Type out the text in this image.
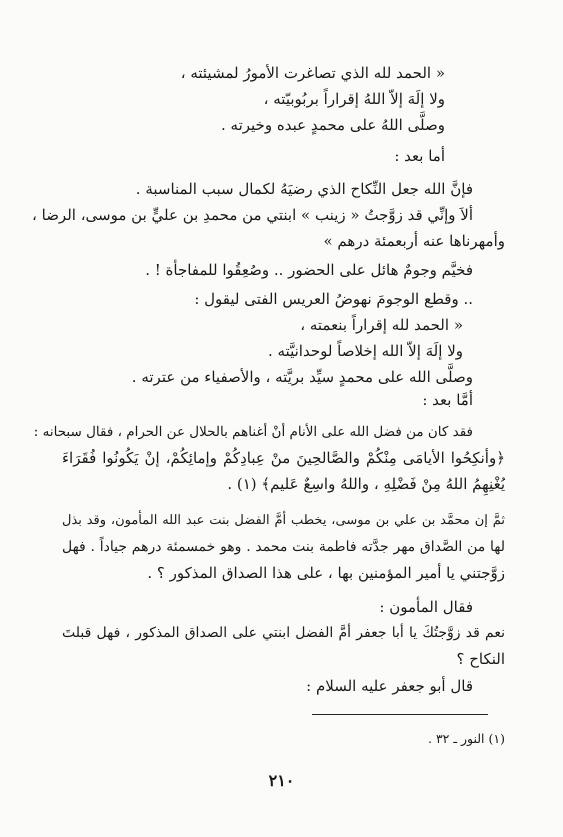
« الحمد لله الذي تصاغرت الأمورُ لمشيئته ،
ولا إلَهَ إلاّ اللهُ إقراراً بربُوبيّته ،
وصلَّى اللهُ على محمدٍ عبده وخيرته .
أما بعد :
فإنَّ الله جعل النِّكاح الذي رضيَهُ لكمال سبب المناسبة .
ألاَ وإنِّي قد زوَّجتُ « زينب » ابنتي من محمدِ بن عليٍّ بن موسى، الرضا ،
وأمهرناها عنه أربعمئة درهم »
فخيَّم وجومٌ هائل على الحضور .. وصُعِقُوا للمفاجأة ! .
.. وقطع الوجومَ نهوضُ العريس الفتى ليقول :
« الحمد لله إقراراً بنعمته ،
ولا إلَهَ إلاّ الله إخلاصاً لوحدانيَّته .
وصلَّى الله على محمدٍ سيِّد بريَّته ، والأصفياء من عترته .
أمَّا بعد :
فقد كان من فضل الله على الأنام أنْ أغناهم بالحلال عن الحرام ، فقال سبحانه :
﴿وأنكِحُوا الأيامَى مِنْكُمْ والصَّالحِينَ منْ عِبادِكُمْ وإمائِكُمْ، إنْ يَكُونُوا فُقَرَاءَ
يُغْنِهِمُ اللهُ مِنْ فَضْلِهِ ، واللهُ واسِعٌ عَليم﴾ (١) .
ثمَّ إن محمَّد بن علي بن موسى، يخطب أمَّ الفضل بنت عبد الله المأمون، وقد بذل
لها من الصَّداق مهر جدَّته فاطمة بنت محمد . وهو خمسمئة درهم جياداً . فهل
زوَّجتني يا أمير المؤمنين بها ، على هذا الصداق المذكور ؟ .
فقال المأمون :
نعم قد زوَّجتُكَ يا أبا جعفر أمَّ الفضل ابنتي على الصداق المذكور ، فهل قبلتَ
النكاح ؟
قال أبو جعفر عليه السلام :
(١) النور ـ ٣٢ .
٢١٠
